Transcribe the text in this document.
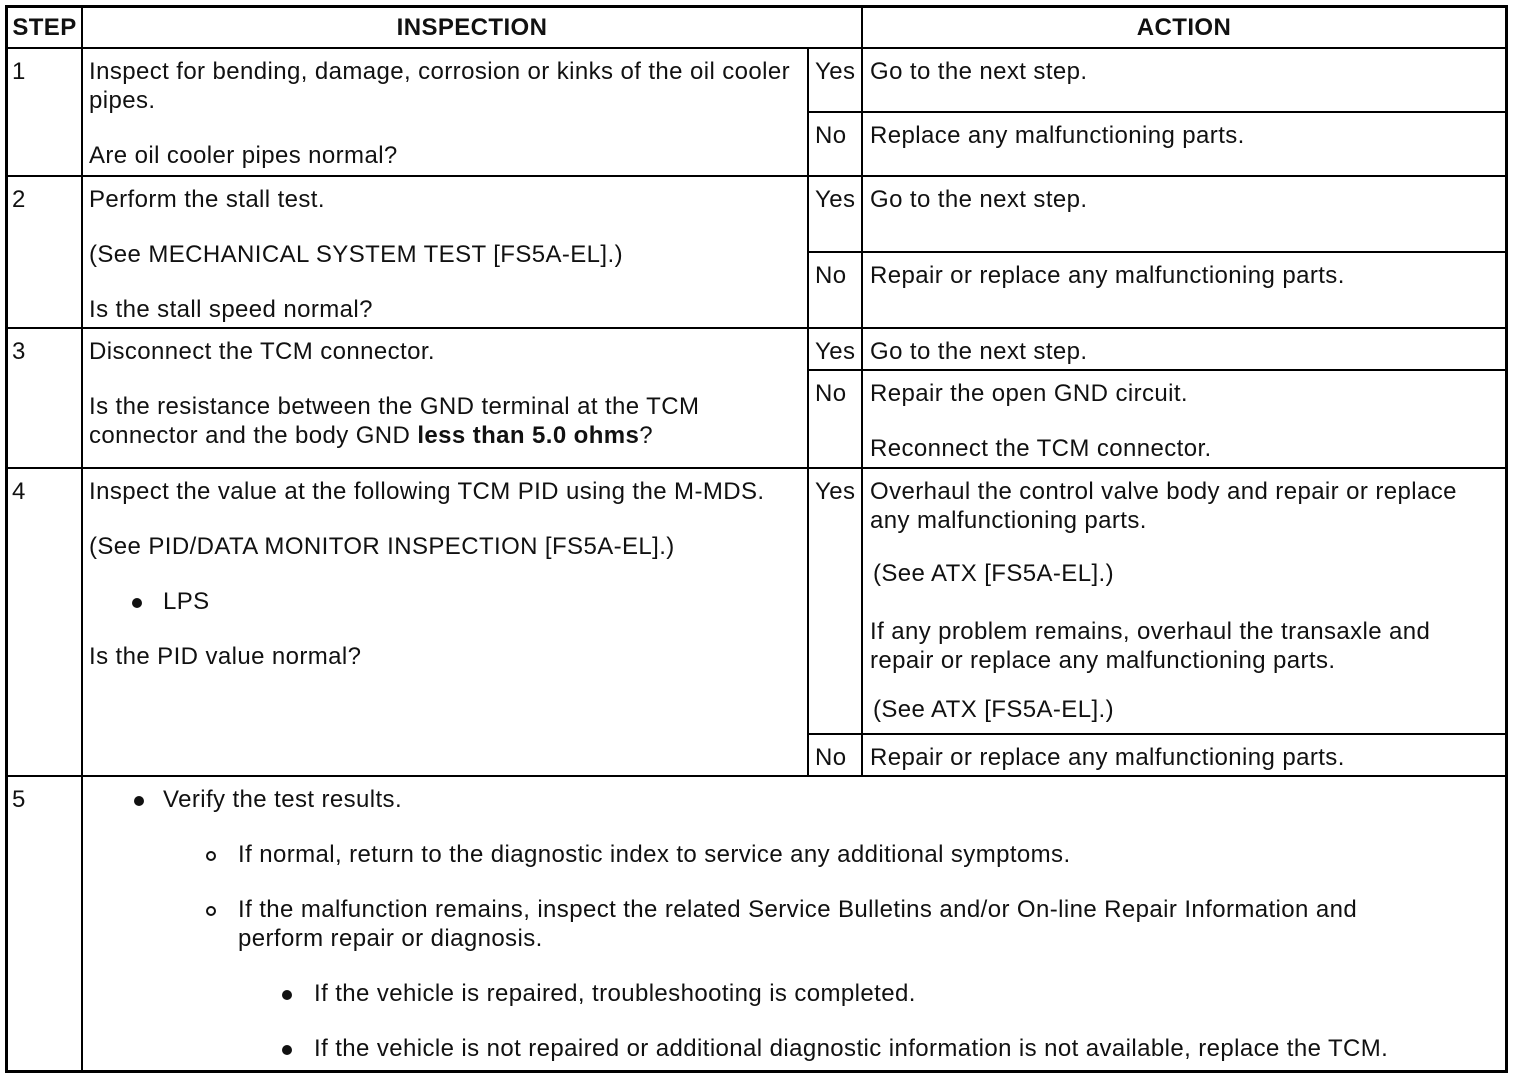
STEP	INSPECTION	ACTION
1	Inspect for bending, damage, corrosion or kinks of the oil cooler pipes.

Are oil cooler pipes normal?

Yes Go to the next step.

No Replace any malfunctioning parts.

2	Perform the stall test.

(See MECHANICAL SYSTEM TEST [FS5A-EL].)

Is the stall speed normal?

Yes Go to the next step.

No Repair or replace any malfunctioning parts.

3	Disconnect the TCM connector.

Is the resistance between the GND terminal at the TCM connector and the body GND less than 5.0 ohms?

Yes Go to the next step.

No Repair the open GND circuit.

Reconnect the TCM connector.

4	Inspect the value at the following TCM PID using the M-MDS.

(See PID/DATA MONITOR INSPECTION [FS5A-EL].)

LPS

Is the PID value normal?

Yes Overhaul the control valve body and repair or replace any malfunctioning parts.

(See ATX [FS5A-EL].)

If any problem remains, overhaul the transaxle and repair or replace any malfunctioning parts.

(See ATX [FS5A-EL].)

No Repair or replace any malfunctioning parts.

5	Verify the test results.
If normal, return to the diagnostic index to service any additional symptoms.
If the malfunction remains, inspect the related Service Bulletins and/or On-line Repair Information and perform repair or diagnosis.
If the vehicle is repaired, troubleshooting is completed.
If the vehicle is not repaired or additional diagnostic information is not available, replace the TCM.
